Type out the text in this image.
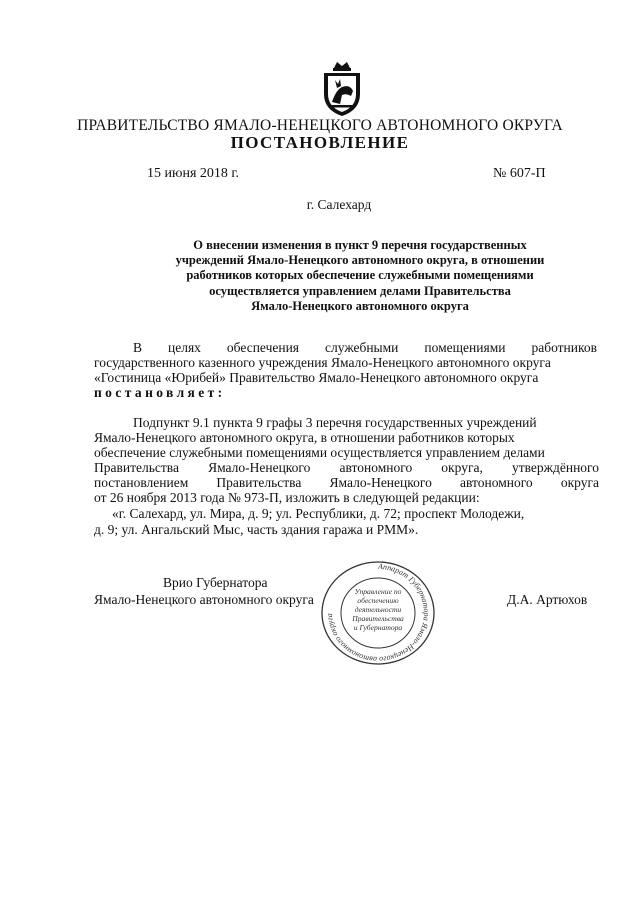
ПРАВИТЕЛЬСТВО ЯМАЛО-НЕНЕЦКОГО АВТОНОМНОГО ОКРУГА
ПОСТАНОВЛЕНИЕ
15 июня 2018 г.	№ 607-П
г. Салехард
О внесении изменения в пункт 9 перечня государственных
учреждений Ямало-Ненецкого автономного округа, в отношении
работников которых обеспечение служебными помещениями
осуществляется управлением делами Правительства
Ямало-Ненецкого автономного округа
В целях обеспечения служебными помещениями работников
государственного казенного учреждения Ямало-Ненецкого автономного округа
«Гостиница «Юрибей» Правительство Ямало-Ненецкого автономного округа
постановляет:
Подпункт 9.1 пункта 9 графы 3 перечня государственных учреждений
Ямало-Ненецкого автономного округа, в отношении работников которых
обеспечение служебными помещениями осуществляется управлением делами
Правительства Ямало-Ненецкого автономного округа, утверждённого
постановлением Правительства Ямало-Ненецкого автономного округа
от 26 ноября 2013 года № 973-П, изложить в следующей редакции:
«г. Салехард, ул. Мира, д. 9; ул. Республики, д. 72; проспект Молодежи,
д. 9; ул. Ангальский Мыс, часть здания гаража и РММ».
Аппарат Губернатора Ямало-Ненецкого автономного округа
Управление по
обеспечению
деятельности
Правительства
и Губернатора
Врио Губернатора
Ямало-Ненецкого автономного округа	Д.А. Артюхов
